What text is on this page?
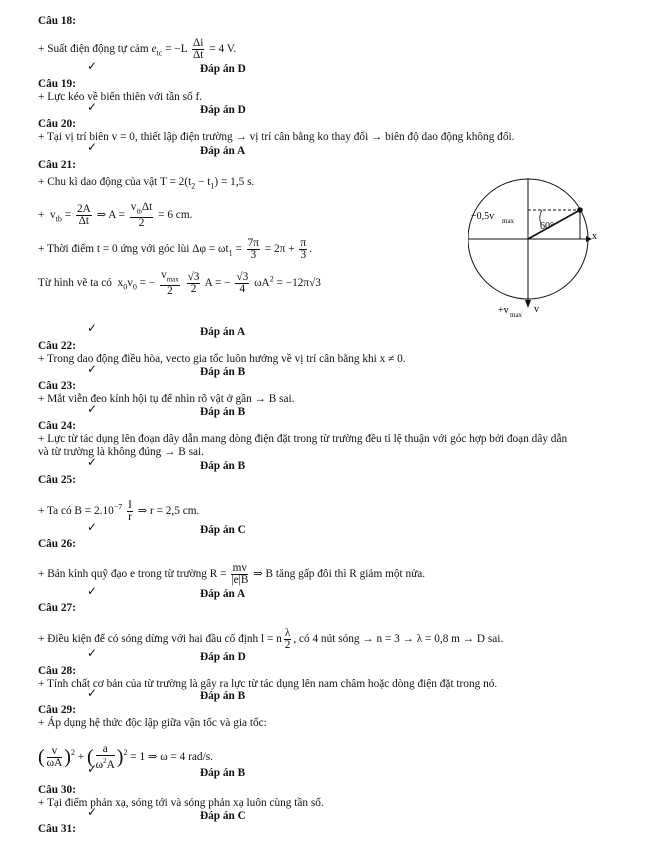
Câu 18:
+ Suất điện động tự cảm $e_{tc} = -L \frac{\Delta i}{\Delta t} = 4$ V.
✓	Đáp án D
Câu 19:
+ Lực kéo về biến thiên với tần số f.
✓	Đáp án D
Câu 20:
+ Tại vị trí biên v = 0, thiết lập điện trường → vị trí cân bằng ko thay đổi → biên độ dao động không đổi.
✓	Đáp án A
Câu 21:
+ Chu kì dao động của vật $T = 2(t_2 - t_1) = 1,5$ s.
+  $v_{tb} = \frac{2A}{\Delta t}$ ⇒ $A = \frac{v_{tb}\Delta t}{2} = 6$ cm.
+ Thời điểm t = 0 ứng với góc lùi $\Delta\varphi = \omega t_1 = \frac{7\pi}{3} = 2\pi + \frac{\pi}{3}$ .
Từ hình vẽ ta có  $x_0v_0$ = − $\frac{v_{max}}{2}$
$\frac{√3}{2}$ A = − $\frac{√3}{4} \omega A^2 = -12\pi√3$
60°
x
−0,5v max
+v max v
✓	Đáp án A
Câu 22:
+ Trong dao động điều hòa, vecto gia tốc luôn hướng về vị trí cân bằng khi x ≠ 0.
✓	Đáp án B
Câu 23:
+ Mắt viễn đeo kính hội tụ để nhìn rõ vật ở gần → B sai.
✓	Đáp án B
Câu 24:
+ Lực từ tác dụng lên đoạn dây dẫn mang dòng điện đặt trong từ trường đều tỉ lệ thuận với góc hợp bởi đoạn dây dẫn
và từ trường là không đúng → B sai.
✓	Đáp án B
Câu 25:
+ Ta có $B = 2.10^{-7} \frac{I}{r}$ ⇒ r = 2,5 cm.
✓	Đáp án C
Câu 26:
+ Bán kính quỹ đạo e trong từ trường $R = \frac{mv}{|e|B}$ ⇒ B tăng gấp đôi thì R giảm một nửa.
✓	Đáp án A
Câu 27:
+ Điều kiện để có sóng dừng với hai đầu cố định l = n $\frac{\lambda}{2}$ , có 4 nút sóng → n = 3 → λ = 0,8 m → D sai.
✓	Đáp án D
Câu 28:
+ Tính chất cơ bản của từ trường là gây ra lực từ tác dụng lên nam châm hoặc dòng điện đặt trong nó.
✓	Đáp án B
Câu 29:
+ Áp dụng hệ thức độc lập giữa vận tốc và gia tốc:
( $\frac{v}{\omega A} )^2$ + ( $\frac{a}{\omega^2A} )^2 = 1$ ⇒ ω = 4 rad/s.
✓	Đáp án B
Câu 30:
+ Tại điểm phản xạ, sóng tới và sóng phản xạ luôn cùng tần số.
✓	Đáp án C
Câu 31:
